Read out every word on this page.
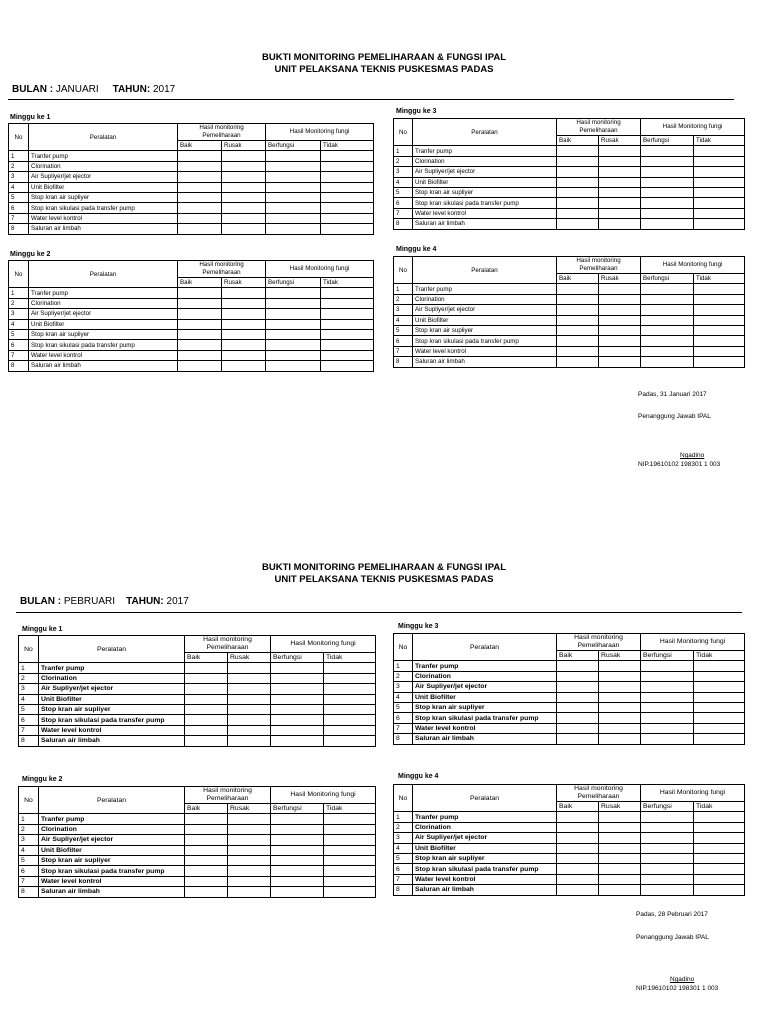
BUKTI MONITORING PEMELIHARAAN & FUNGSI IPAL
UNIT PELAKSANA TEKNIS PUSKESMAS PADAS
BULAN : JANUARI TAHUN: 2017
Minggu ke 1
Minggu ke 3
Minggu ke 2
Minggu ke 4
No	Peralatan	Hasil monitoring Pemeliharaan		Hasil Monitoring fungi	
		Baik	Rusak	Berfungsi	Tidak
1	Tranfer pump				
2	Clorination				
3	Air Supliyer/jet ejector				
4	Unit Biofilter				
5	Stop kran air supliyer				
6	Stop kran sikulasi pada transfer pump				
7	Water level kontrol				
8	Saluran air limbah				
No	Peralatan	Hasil monitoring Pemeliharaan		Hasil Monitoring fungi	
		Baik	Rusak	Berfungsi	Tidak
1	Tranfer pump				
2	Clorination				
3	Air Supliyer/jet ejector				
4	Unit Biofilter				
5	Stop kran air supliyer				
6	Stop kran sikulasi pada transfer pump				
7	Water level kontrol				
8	Saluran air limbah				
No	Peralatan	Hasil monitoring Pemeliharaan		Hasil Monitoring fungi	
		Baik	Rusak	Berfungsi	Tidak
1	Tranfer pump				
2	Clorination				
3	Air Supliyer/jet ejector				
4	Unit Biofilter				
5	Stop kran air supliyer				
6	Stop kran sikulasi pada transfer pump				
7	Water level kontrol				
8	Saluran air limbah				
No	Peralatan	Hasil monitoring Pemeliharaan		Hasil Monitoring fungi	
		Baik	Rusak	Berfungsi	Tidak
1	Tranfer pump				
2	Clorination				
3	Air Supliyer/jet ejector				
4	Unit Biofilter				
5	Stop kran air supliyer				
6	Stop kran sikulasi pada transfer pump				
7	Water level kontrol				
8	Saluran air limbah				
Padas, 31 Januari 2017
Penanggung Jawab IPAL
Ngadino
NIP.19610102 198301 1 003
BUKTI MONITORING PEMELIHARAAN & FUNGSI IPAL
UNIT PELAKSANA TEKNIS PUSKESMAS PADAS
BULAN : PEBRUARI TAHUN: 2017
Minggu ke 1	Minggu ke 3
Minggu ke 2	Minggu ke 4
No	Peralatan	Hasil monitoring Pemeliharaan		Hasil Monitoring fungi	
		Baik	Rusak	Berfungsi	Tidak
1	Tranfer pump				
2	Clorination				
3	Air Supliyer/jet ejector				
4	Unit Biofilter				
5	Stop kran air supliyer				
6	Stop kran sikulasi pada transfer pump				
7	Water level kontrol				
8	Saluran air limbah				
No	Peralatan	Hasil monitoring Pemeliharaan		Hasil Monitoring fungi	
		Baik	Rusak	Berfungsi	Tidak
1	Tranfer pump				
2	Clorination				
3	Air Supliyer/jet ejector				
4	Unit Biofilter				
5	Stop kran air supliyer				
6	Stop kran sikulasi pada transfer pump				
7	Water level kontrol				
8	Saluran air limbah				
No	Peralatan	Hasil monitoring Pemeliharaan		Hasil Monitoring fungi	
		Baik	Rusak	Berfungsi	Tidak
1	Tranfer pump				
2	Clorination				
3	Air Supliyer/jet ejector				
4	Unit Biofilter				
5	Stop kran air supliyer				
6	Stop kran sikulasi pada transfer pump				
7	Water level kontrol				
8	Saluran air limbah				
No	Peralatan	Hasil monitoring Pemeliharaan		Hasil Monitoring fungi	
		Baik	Rusak	Berfungsi	Tidak
1	Tranfer pump				
2	Clorination				
3	Air Supliyer/jet ejector				
4	Unit Biofilter				
5	Stop kran air supliyer				
6	Stop kran sikulasi pada transfer pump				
7	Water level kontrol				
8	Saluran air limbah				
Padas, 28 Pebruari 2017
Penanggung Jawab IPAL
Ngadino
NIP.19610102 198301 1 003
